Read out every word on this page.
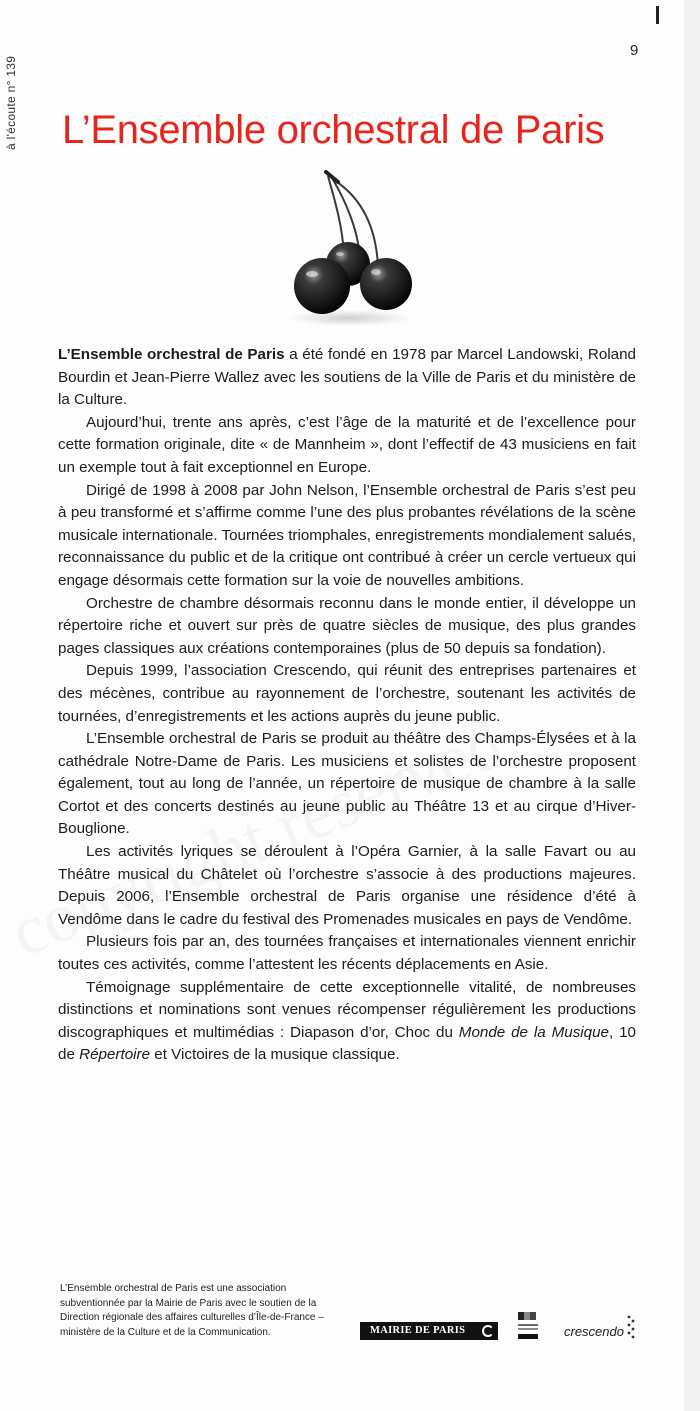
à l'écoute n° 139
9
L’Ensemble orchestral de Paris

L’Ensemble orchestral de Paris a été fondé en 1978 par Marcel Landowski, Roland Bourdin et Jean-Pierre Wallez avec les soutiens de la Ville de Paris et du ministère de la Culture.

Aujourd’hui, trente ans après, c’est l’âge de la maturité et de l’excellence pour cette formation originale, dite « de Mannheim », dont l’effectif de 43 musiciens en fait un exemple tout à fait exceptionnel en Europe.

Dirigé de 1998 à 2008 par John Nelson, l’Ensemble orchestral de Paris s’est peu à peu transformé et s’affirme comme l’une des plus probantes révélations de la scène musicale internationale. Tournées triomphales, enregistrements mondialement salués, reconnaissance du public et de la critique ont contribué à créer un cercle vertueux qui engage désormais cette formation sur la voie de nouvelles ambitions.

Orchestre de chambre désormais reconnu dans le monde entier, il développe un répertoire riche et ouvert sur près de quatre siècles de musique, des plus grandes pages classiques aux créations contemporaines (plus de 50 depuis sa fondation).

Depuis 1999, l’association Crescendo, qui réunit des entreprises partenaires et des mécènes, contribue au rayonnement de l’orchestre, soutenant les activités de tournées, d’enregistrements et les actions auprès du jeune public.

L’Ensemble orchestral de Paris se produit au théâtre des Champs-Élysées et à la cathédrale Notre-Dame de Paris. Les musiciens et solistes de l’orchestre proposent également, tout au long de l’année, un répertoire de musique de chambre à la salle Cortot et des concerts destinés au jeune public au Théâtre 13 et au cirque d’Hiver-Bouglione.

Les activités lyriques se déroulent à l’Opéra Garnier, à la salle Favart ou au Théâtre musical du Châtelet où l’orchestre s’associe à des productions majeures. Depuis 2006, l’Ensemble orchestral de Paris organise une résidence d’été à Vendôme dans le cadre du festival des Promenades musicales en pays de Vendôme.

Plusieurs fois par an, des tournées françaises et internationales viennent enrichir toutes ces activités, comme l’attestent les récents déplacements en Asie.

Témoignage supplémentaire de cette exceptionnelle vitalité, de nombreuses distinctions et nominations sont venues récompenser régulièrement les productions discographiques et multimédias : Diapason d’or, Choc du Monde de la Musique, 10 de Répertoire et Victoires de la musique classique.

L’Ensemble orchestral de Paris est une association subventionnée par la Mairie de Paris avec le soutien de la Direction régionale des affaires culturelles d’Île-de-France – ministère de la Culture et de la Communication.	MAIRIE DE PARIS	crescendo
